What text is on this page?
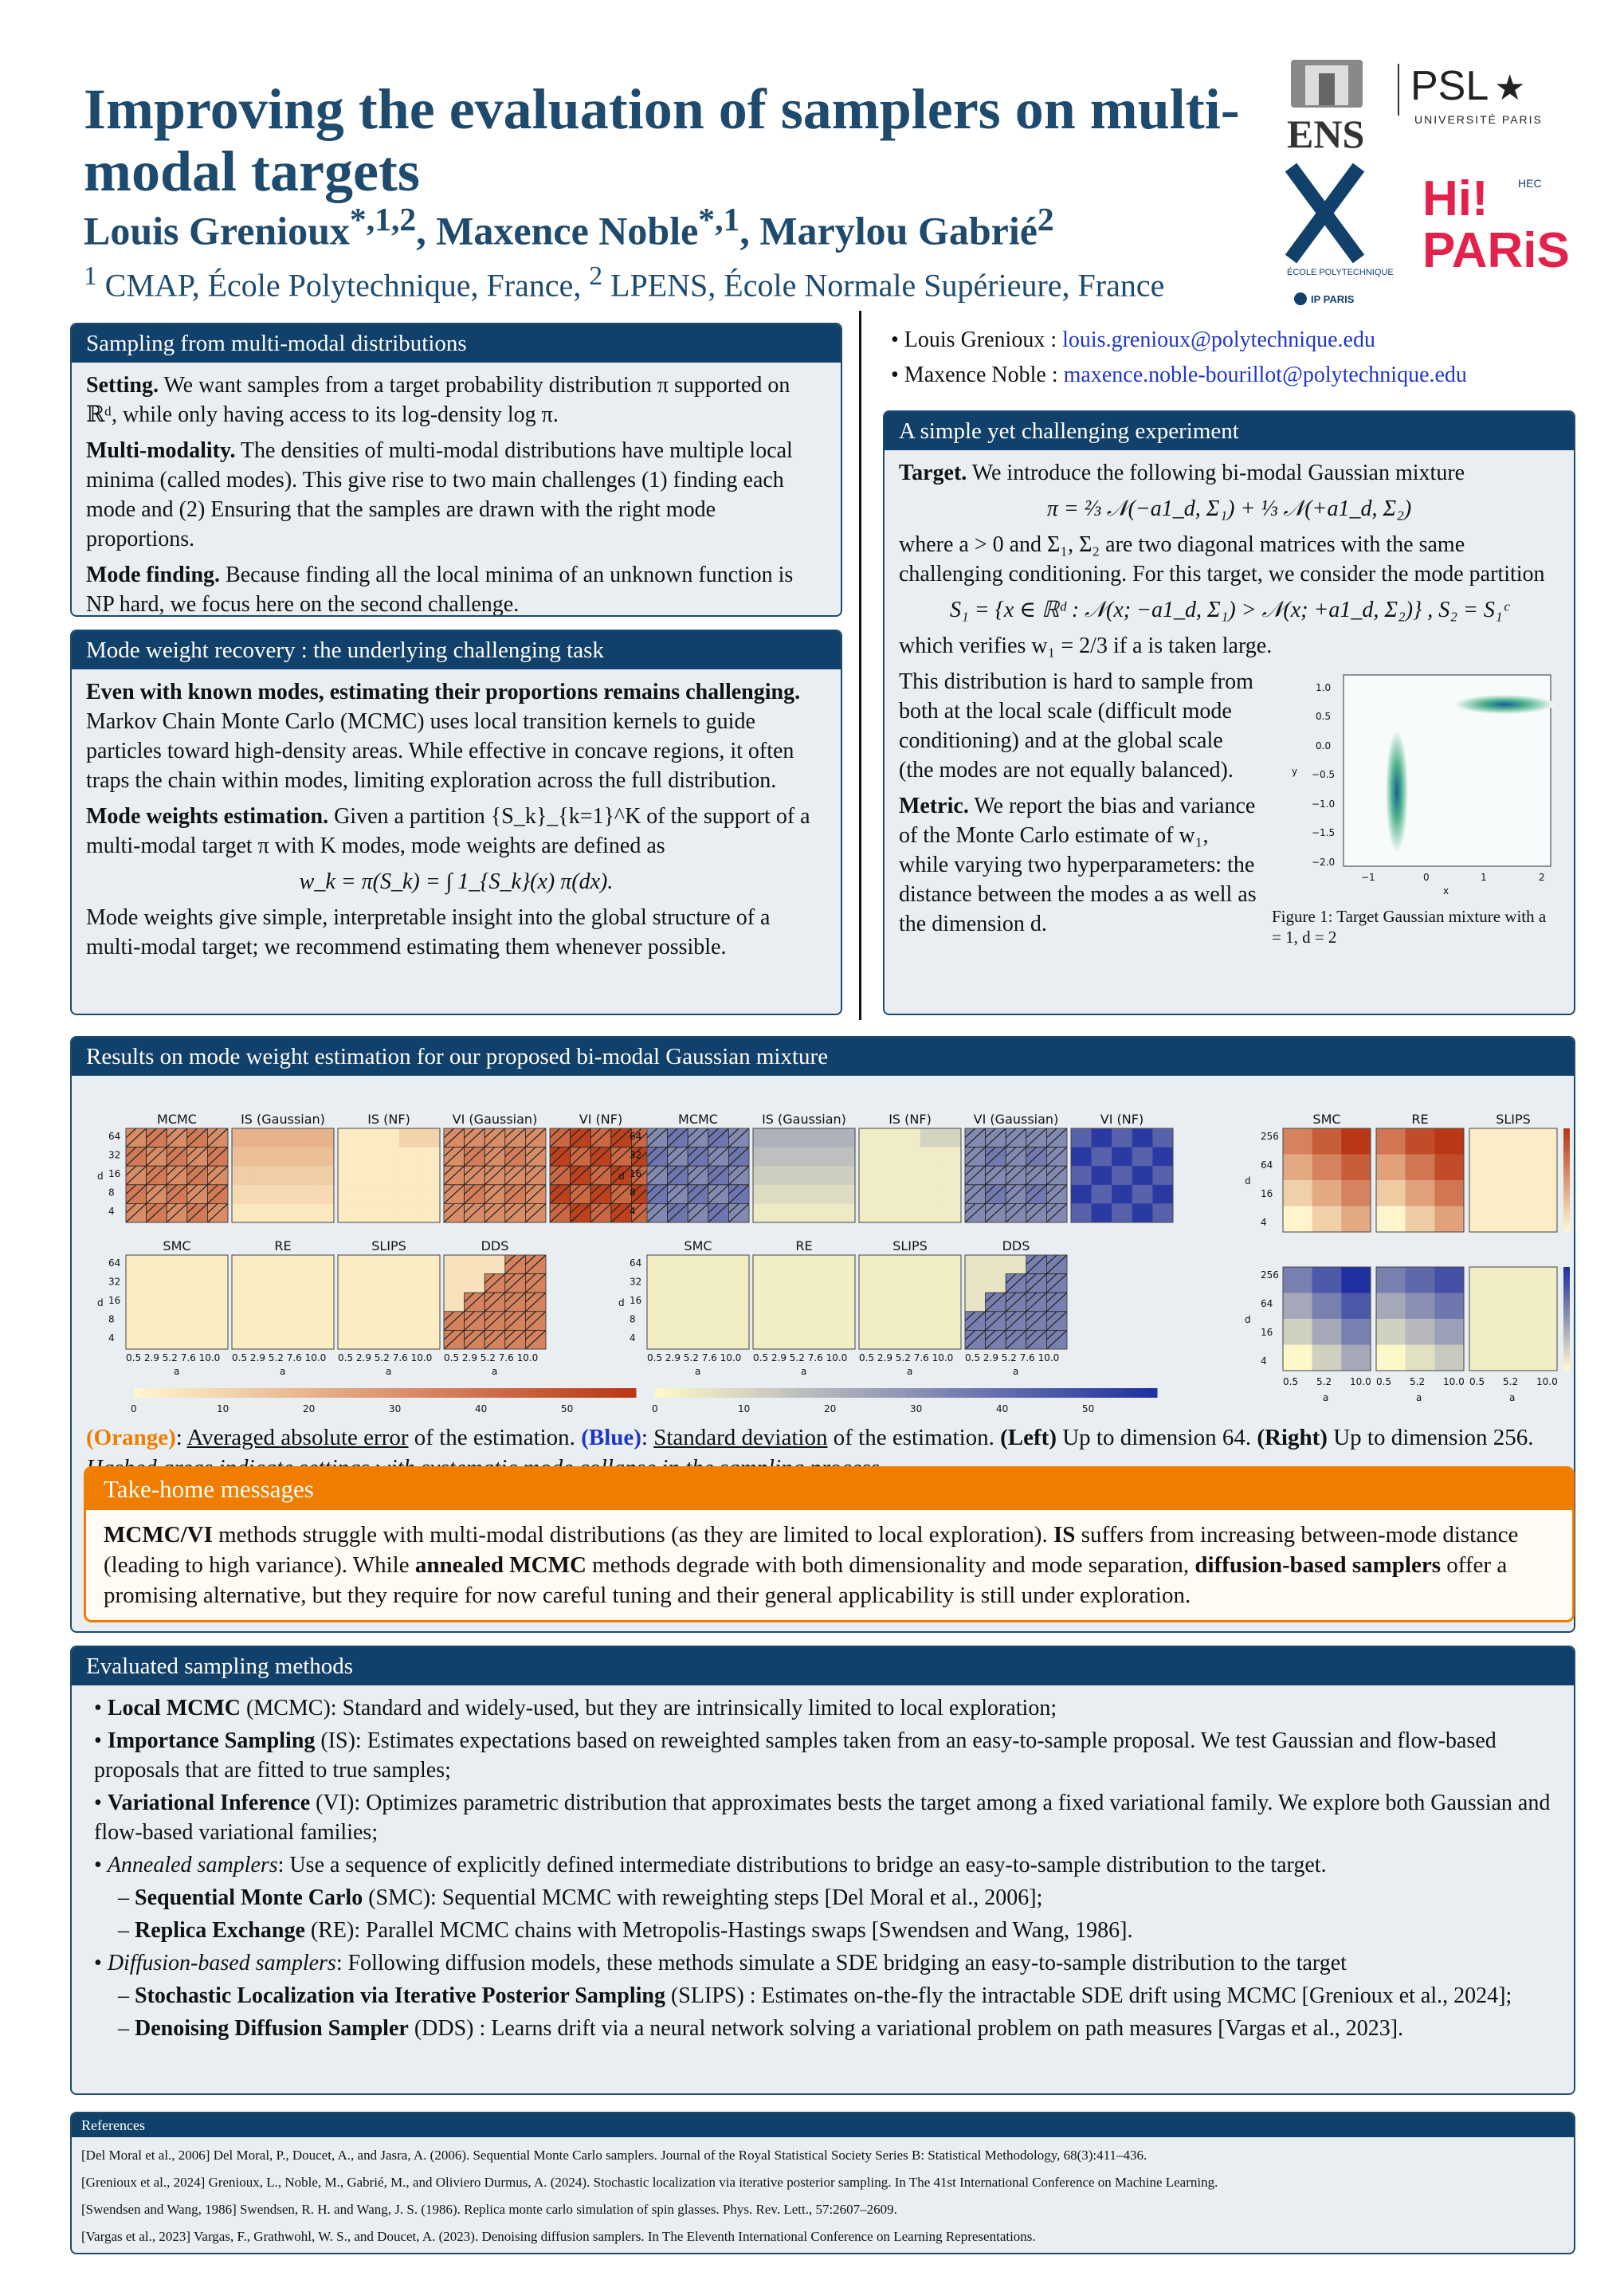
Improving the evaluation of samplers on multi-modal targets
Louis Grenioux$^{*,1,2}$, Maxence Noble$^{*,1}$, Marylou Gabrié$^2$
$^1$ CMAP, École Polytechnique, France, $^2$ LPENS, École Normale Supérieure, France
ENS
PSL ★
UNIVERSITÉ PARIS
ÉCOLE POLYTECHNIQUE
IP PARIS
Hi!
PARiS
HEC
Sampling from multi-modal distributions

Setting. We want samples from a target probability distribution π supported on ℝᵈ, while only having access to its log-density log π.

Multi-modality. The densities of multi-modal distributions have multiple local minima (called modes). This give rise to two main challenges (1) finding each mode and (2) Ensuring that the samples are drawn with the right mode proportions.

Mode finding. Because finding all the local minima of an unknown function is NP hard, we focus here on the second challenge.

Mode weight recovery : the underlying challenging task

Even with known modes, estimating their proportions remains challenging. Markov Chain Monte Carlo (MCMC) uses local transition kernels to guide particles toward high-density areas. While effective in concave regions, it often traps the chain within modes, limiting exploration across the full distribution.

Mode weights estimation. Given a partition {S_k}_{k=1}^K of the support of a multi-modal target π with K modes, mode weights are defined as

w_k = π(S_k) = ∫ 1_{S_k}(x) π(dx).

Mode weights give simple, interpretable insight into the global structure of a multi-modal target; we recommend estimating them whenever possible.

• Louis Grenioux : louis.grenioux@polytechnique.edu
• Maxence Noble : maxence.noble-bourillot@polytechnique.edu
A simple yet challenging experiment

Target. We introduce the following bi-modal Gaussian mixture

π = ⅔ 𝒩(−a1_d, Σ₁) + ⅓ 𝒩(+a1_d, Σ₂)

where a > 0 and Σ₁, Σ₂ are two diagonal matrices with the same challenging conditioning. For this target, we consider the mode partition

S₁ = {x ∈ ℝᵈ : 𝒩(x; −a1_d, Σ₁) > 𝒩(x; +a1_d, Σ₂)} , S₂ = S₁ᶜ

which verifies w₁ = 2/3 if a is taken large.

This distribution is hard to sample from both at the local scale (difficult mode conditioning) and at the global scale (the modes are not equally balanced).

Metric. We report the bias and variance of the Monte Carlo estimate of w₁, while varying two hyperparameters: the distance between the modes a as well as the dimension d.

1.0
0.5
0.0
−0.5
−1.0
−1.5
−2.0
−1	0	1	2
x
y
Figure 1: Target Gaussian mixture with a = 1, d = 2
Results on mode weight estimation for our proposed bi-modal Gaussian mixture
MCMC	IS (Gaussian)	IS (NF)	VI (Gaussian)	VI (NF)
SMC	RE	SLIPS	DDS
64
32
16
8
4
d
64
32
16
8
4
d
0.5 2.9 5.2 7.6 10.0
a
0.5 2.9 5.2 7.6 10.0
a
0.5 2.9 5.2 7.6 10.0
a
0.5 2.9 5.2 7.6 10.0
a
0	10	20	30	40	50
MCMC	IS (Gaussian)	IS (NF)	VI (Gaussian)	VI (NF)
SMC	RE	SLIPS	DDS
64
32
16
8
4
d
64
32
16
8
4
d
0.5 2.9 5.2 7.6 10.0
a
0.5 2.9 5.2 7.6 10.0
a
0.5 2.9 5.2 7.6 10.0
a
0.5 2.9 5.2 7.6 10.0
a
0	10	20	30	40	50
SMC	RE	SLIPS
256
64
16
4
d
256
64
16
4
d
0.5 5.2 10.0
a
0.5 5.2 10.0
a
0.5 5.2 10.0
a
(Orange): Averaged absolute error of the estimation. (Blue): Standard deviation of the estimation. (Left) Up to dimension 64. (Right) Up to dimension 256.
Take-home messages
MCMC/VI methods struggle with multi-modal distributions (as they are limited to local exploration). IS suffers from increasing between-mode distance (leading to high variance). While annealed MCMC methods degrade with both dimensionality and mode separation, diffusion-based samplers offer a promising alternative, but they require for now careful tuning and their general applicability is still under exploration.
Evaluated sampling methods
• Local MCMC (MCMC): Standard and widely-used, but they are intrinsically limited to local exploration;
• Importance Sampling (IS): Estimates expectations based on reweighted samples taken from an easy-to-sample proposal. We test Gaussian and flow-based proposals that are fitted to true samples;
• Variational Inference (VI): Optimizes parametric distribution that approximates bests the target among a fixed variational family. We explore both Gaussian and flow-based variational families;
• Annealed samplers: Use a sequence of explicitly defined intermediate distributions to bridge an easy-to-sample distribution to the target.
– Sequential Monte Carlo (SMC): Sequential MCMC with reweighting steps [Del Moral et al., 2006];
– Replica Exchange (RE): Parallel MCMC chains with Metropolis-Hastings swaps [Swendsen and Wang, 1986].
• Diffusion-based samplers: Following diffusion models, these methods simulate a SDE bridging an easy-to-sample distribution to the target
– Stochastic Localization via Iterative Posterior Sampling (SLIPS) : Estimates on-the-fly the intractable SDE drift using MCMC [Grenioux et al., 2024];
– Denoising Diffusion Sampler (DDS) : Learns drift via a neural network solving a variational problem on path measures [Vargas et al., 2023].
References
[Del Moral et al., 2006] Del Moral, P., Doucet, A., and Jasra, A. (2006). Sequential Monte Carlo samplers. Journal of the Royal Statistical Society Series B: Statistical Methodology, 68(3):411–436.
[Grenioux et al., 2024] Grenioux, L., Noble, M., Gabrié, M., and Oliviero Durmus, A. (2024). Stochastic localization via iterative posterior sampling. In The 41st International Conference on Machine Learning.
[Swendsen and Wang, 1986] Swendsen, R. H. and Wang, J. S. (1986). Replica monte carlo simulation of spin glasses. Phys. Rev. Lett., 57:2607–2609.
[Vargas et al., 2023] Vargas, F., Grathwohl, W. S., and Doucet, A. (2023). Denoising diffusion samplers. In The Eleventh International Conference on Learning Representations.
